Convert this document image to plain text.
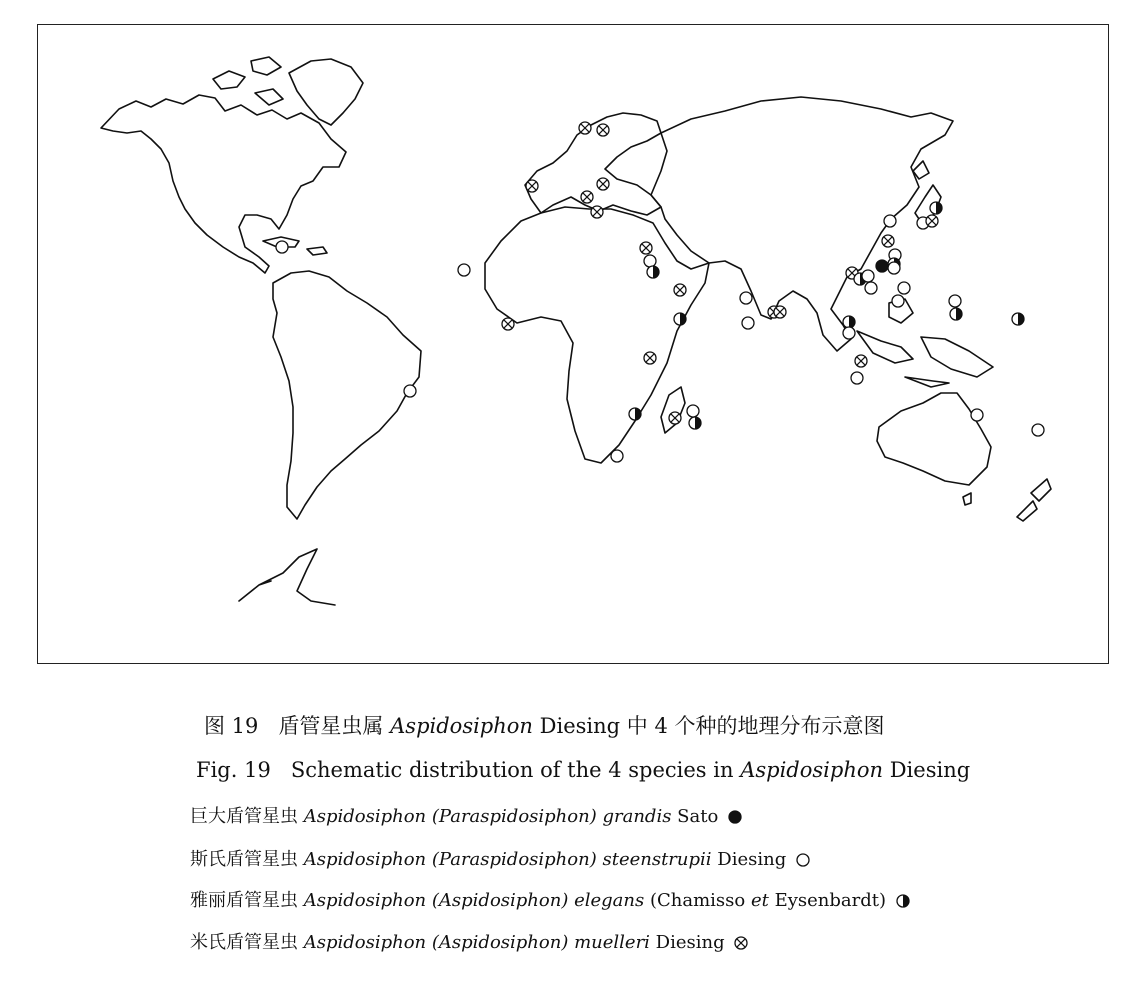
图 19 盾管星虫属 Aspidosiphon Diesing 中 4 个种的地理分布示意图
Fig. 19 Schematic distribution of the 4 species in Aspidosiphon Diesing
巨大盾管星虫 Aspidosiphon (Paraspidosiphon) grandis Sato
斯氏盾管星虫 Aspidosiphon (Paraspidosiphon) steenstrupii Diesing
雅丽盾管星虫 Aspidosiphon (Aspidosiphon) elegans (Chamisso et Eysenbardt)
米氏盾管星虫 Aspidosiphon (Aspidosiphon) muelleri Diesing
